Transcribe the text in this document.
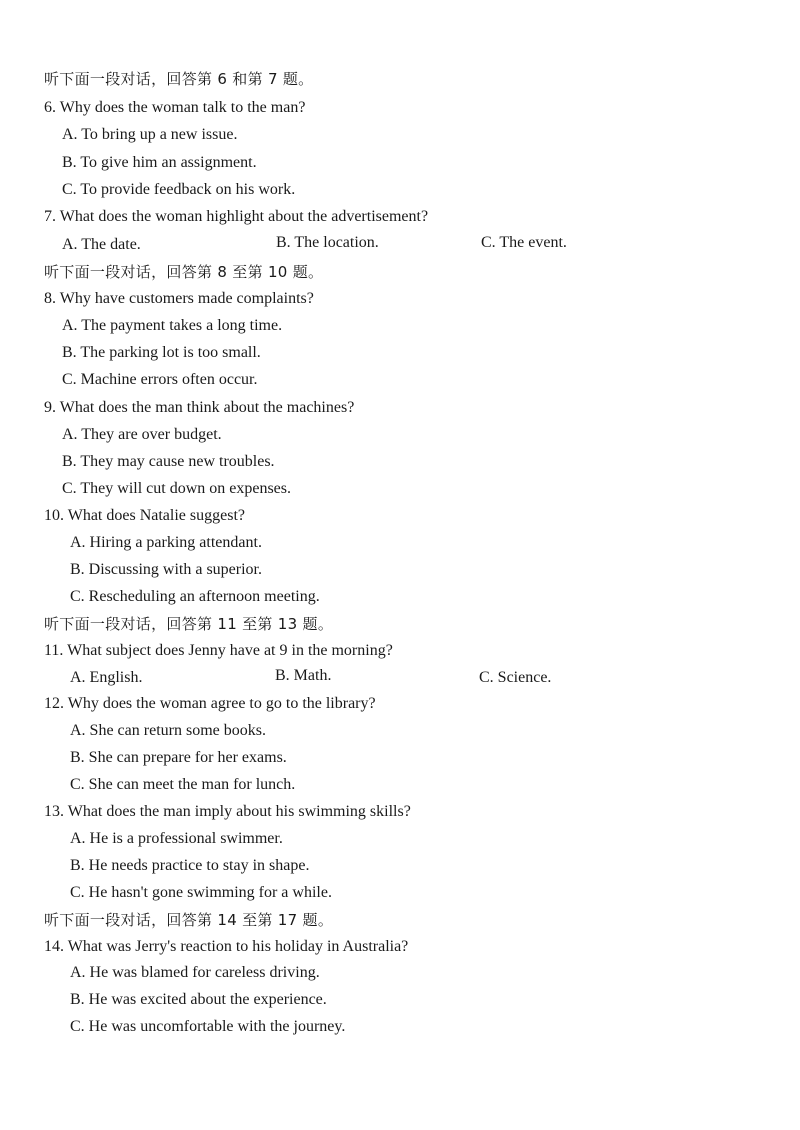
听下面一段对话，回答第 6 和第 7 题。
6. Why does the woman talk to the man?
A. To bring up a new issue.
B. To give him an assignment.
C. To provide feedback on his work.
7. What does the woman highlight about the advertisement?
A. The date.	B. The location.	C. The event.
听下面一段对话，回答第 8 至第 10 题。
8. Why have customers made complaints?
A. The payment takes a long time.
B. The parking lot is too small.
C. Machine errors often occur.
9. What does the man think about the machines?
A. They are over budget.
B. They may cause new troubles.
C. They will cut down on expenses.
10. What does Natalie suggest?
A. Hiring a parking attendant.
B. Discussing with a superior.
C. Rescheduling an afternoon meeting.
听下面一段对话，回答第 11 至第 13 题。
11. What subject does Jenny have at 9 in the morning?
A. English.	B. Math.	C. Science.
12. Why does the woman agree to go to the library?
A. She can return some books.
B. She can prepare for her exams.
C. She can meet the man for lunch.
13. What does the man imply about his swimming skills?
A. He is a professional swimmer.
B. He needs practice to stay in shape.
C. He hasn't gone swimming for a while.
听下面一段对话，回答第 14 至第 17 题。
14. What was Jerry's reaction to his holiday in Australia?
A. He was blamed for careless driving.
B. He was excited about the experience.
C. He was uncomfortable with the journey.
